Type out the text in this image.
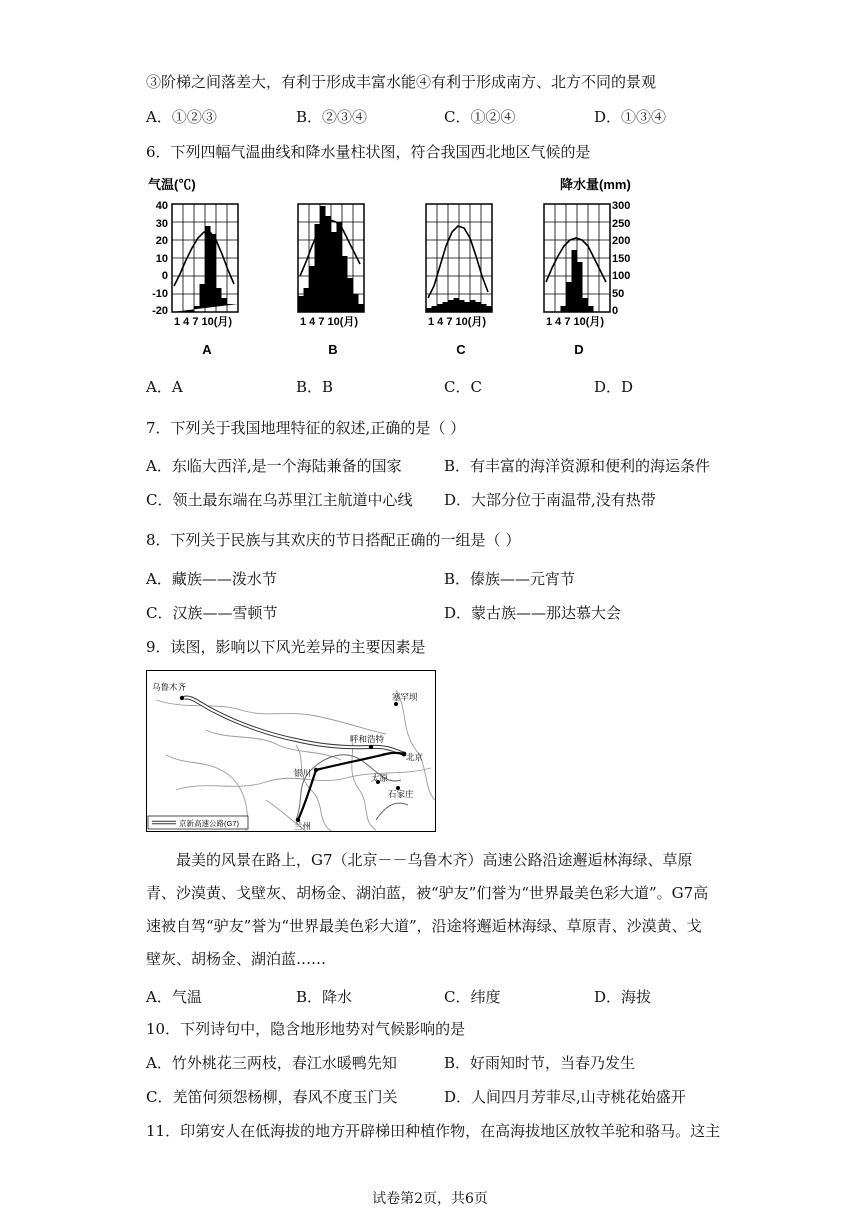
③阶梯之间落差大，有利于形成丰富水能④有利于形成南方、北方不同的景观
A．①②③	B．②③④	C．①②④	D．①③④
6．下列四幅气温曲线和降水量柱状图，符合我国西北地区气候的是
气温(℃)
40
30
20
10
0
-10
-20
降水量(mm)
300
250
200
150
100
50
0
1 4 7 10(月)	1 4 7 10(月)	1 4 7 10(月)	1 4 7 10(月)
A	B	C	D
A．A	B．B	C．C	D．D
7．下列关于我国地理特征的叙述,正确的是（ ）
A．东临大西洋,是一个海陆兼备的国家	B．有丰富的海洋资源和便利的海运条件
C．领土最东端在乌苏里江主航道中心线 D．大部分位于南温带,没有热带
8．下列关于民族与其欢庆的节日搭配正确的一组是（ ）
A．藏族——泼水节	B．傣族——元宵节
C．汉族——雪顿节	D．蒙古族——那达慕大会
9．读图，影响以下风光差异的主要因素是
乌鲁木齐
塞罕坝
呼和浩特
北京
银川	太原
石家庄
兰州
京新高速公路(G7)

最美的风景在路上，G7（北京－－乌鲁木齐）高速公路沿途邂逅林海绿、草原青、沙漠黄、戈壁灰、胡杨金、湖泊蓝，被“驴友”们誉为“世界最美色彩大道”。G7高速被自驾“驴友”誉为“世界最美色彩大道”，沿途将邂逅林海绿、草原青、沙漠黄、戈壁灰、胡杨金、湖泊蓝……

A．气温	B．降水	C．纬度	D．海拔
10．下列诗句中，隐含地形地势对气候影响的是
A．竹外桃花三两枝，春江水暖鸭先知	B．好雨知时节，当春乃发生
C．羌笛何须怨杨柳，春风不度玉门关	D．人间四月芳菲尽,山寺桃花始盛开
11．印第安人在低海拔的地方开辟梯田种植作物，在高海拔地区放牧羊驼和骆马。这主
试卷第2页，共6页
